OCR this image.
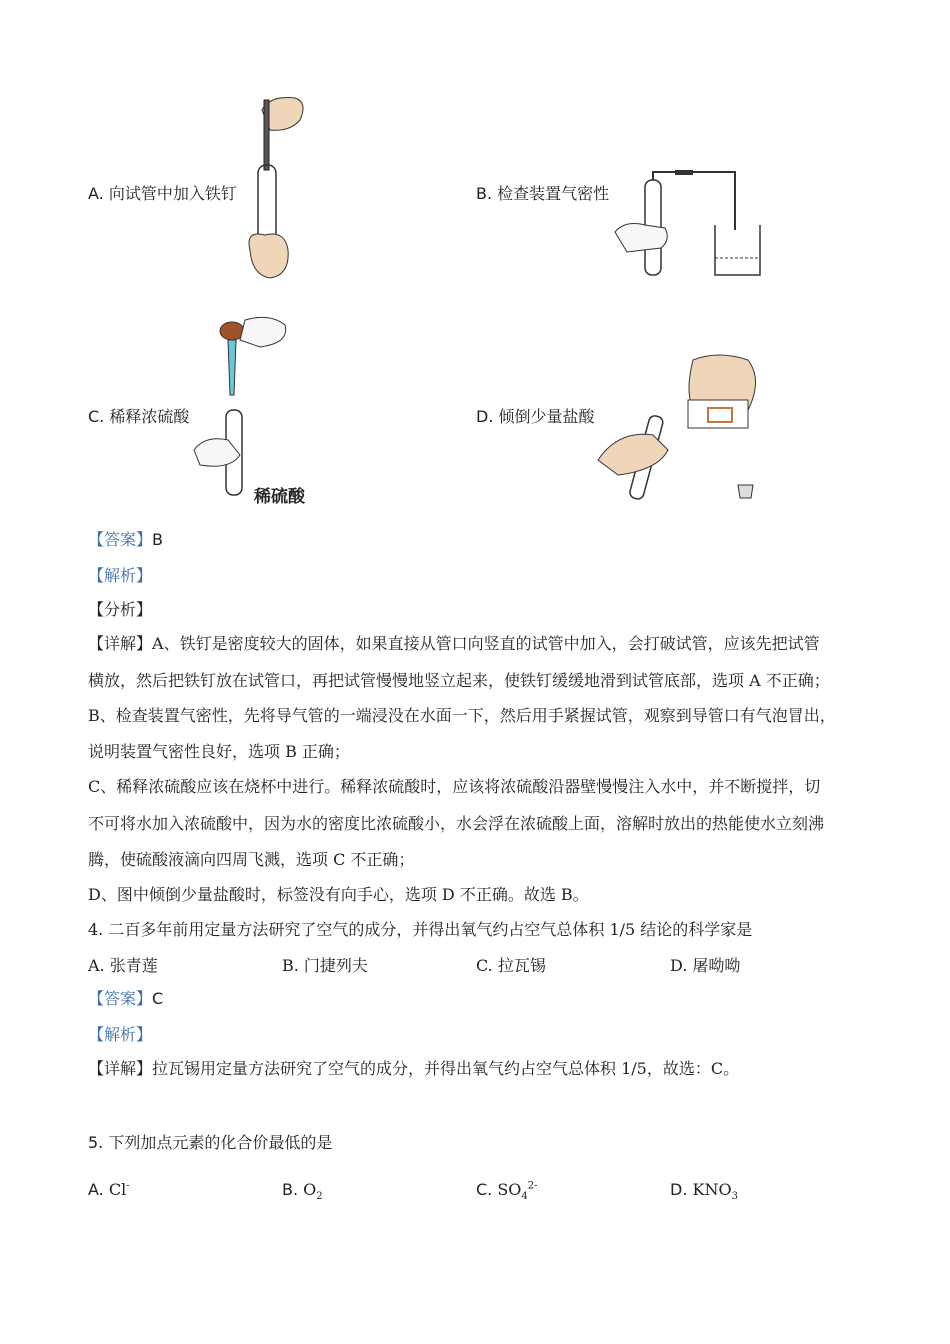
A. 向试管中加入铁钉	B. 检查装置气密性
C. 稀释浓硫酸
稀硫酸
D. 倾倒少量盐酸
【答案】B
【解析】
【分析】
【详解】A、铁钉是密度较大的固体，如果直接从管口向竖直的试管中加入，会打破试管，应该先把试管
横放，然后把铁钉放在试管口，再把试管慢慢地竖立起来，使铁钉缓缓地滑到试管底部，选项 A 不正确；
B、检查装置气密性，先将导气管的一端浸没在水面一下，然后用手紧握试管，观察到导管口有气泡冒出，
说明装置气密性良好，选项 B 正确；
C、稀释浓硫酸应该在烧杯中进行。稀释浓硫酸时，应该将浓硫酸沿器壁慢慢注入水中，并不断搅拌，切
不可将水加入浓硫酸中，因为水的密度比浓硫酸小，水会浮在浓硫酸上面，溶解时放出的热能使水立刻沸
腾，使硫酸液滴向四周飞溅，选项 C 不正确；
D、图中倾倒少量盐酸时，标签没有向手心，选项 D 不正确。故选 B。
4. 二百多年前用定量方法研究了空气的成分，并得出氧气约占空气总体积 1/5 结论的科学家是
A. 张青莲	B. 门捷列夫	C. 拉瓦锡	D. 屠呦呦
【答案】C
【解析】
【详解】拉瓦锡用定量方法研究了空气的成分，并得出氧气约占空气总体积 1/5，故选：C。
5. 下列加点元素的化合价最低的是
A. Cl-	B. $O_2$	C. $SO_4^{2-}$	D. $KNO_3$
